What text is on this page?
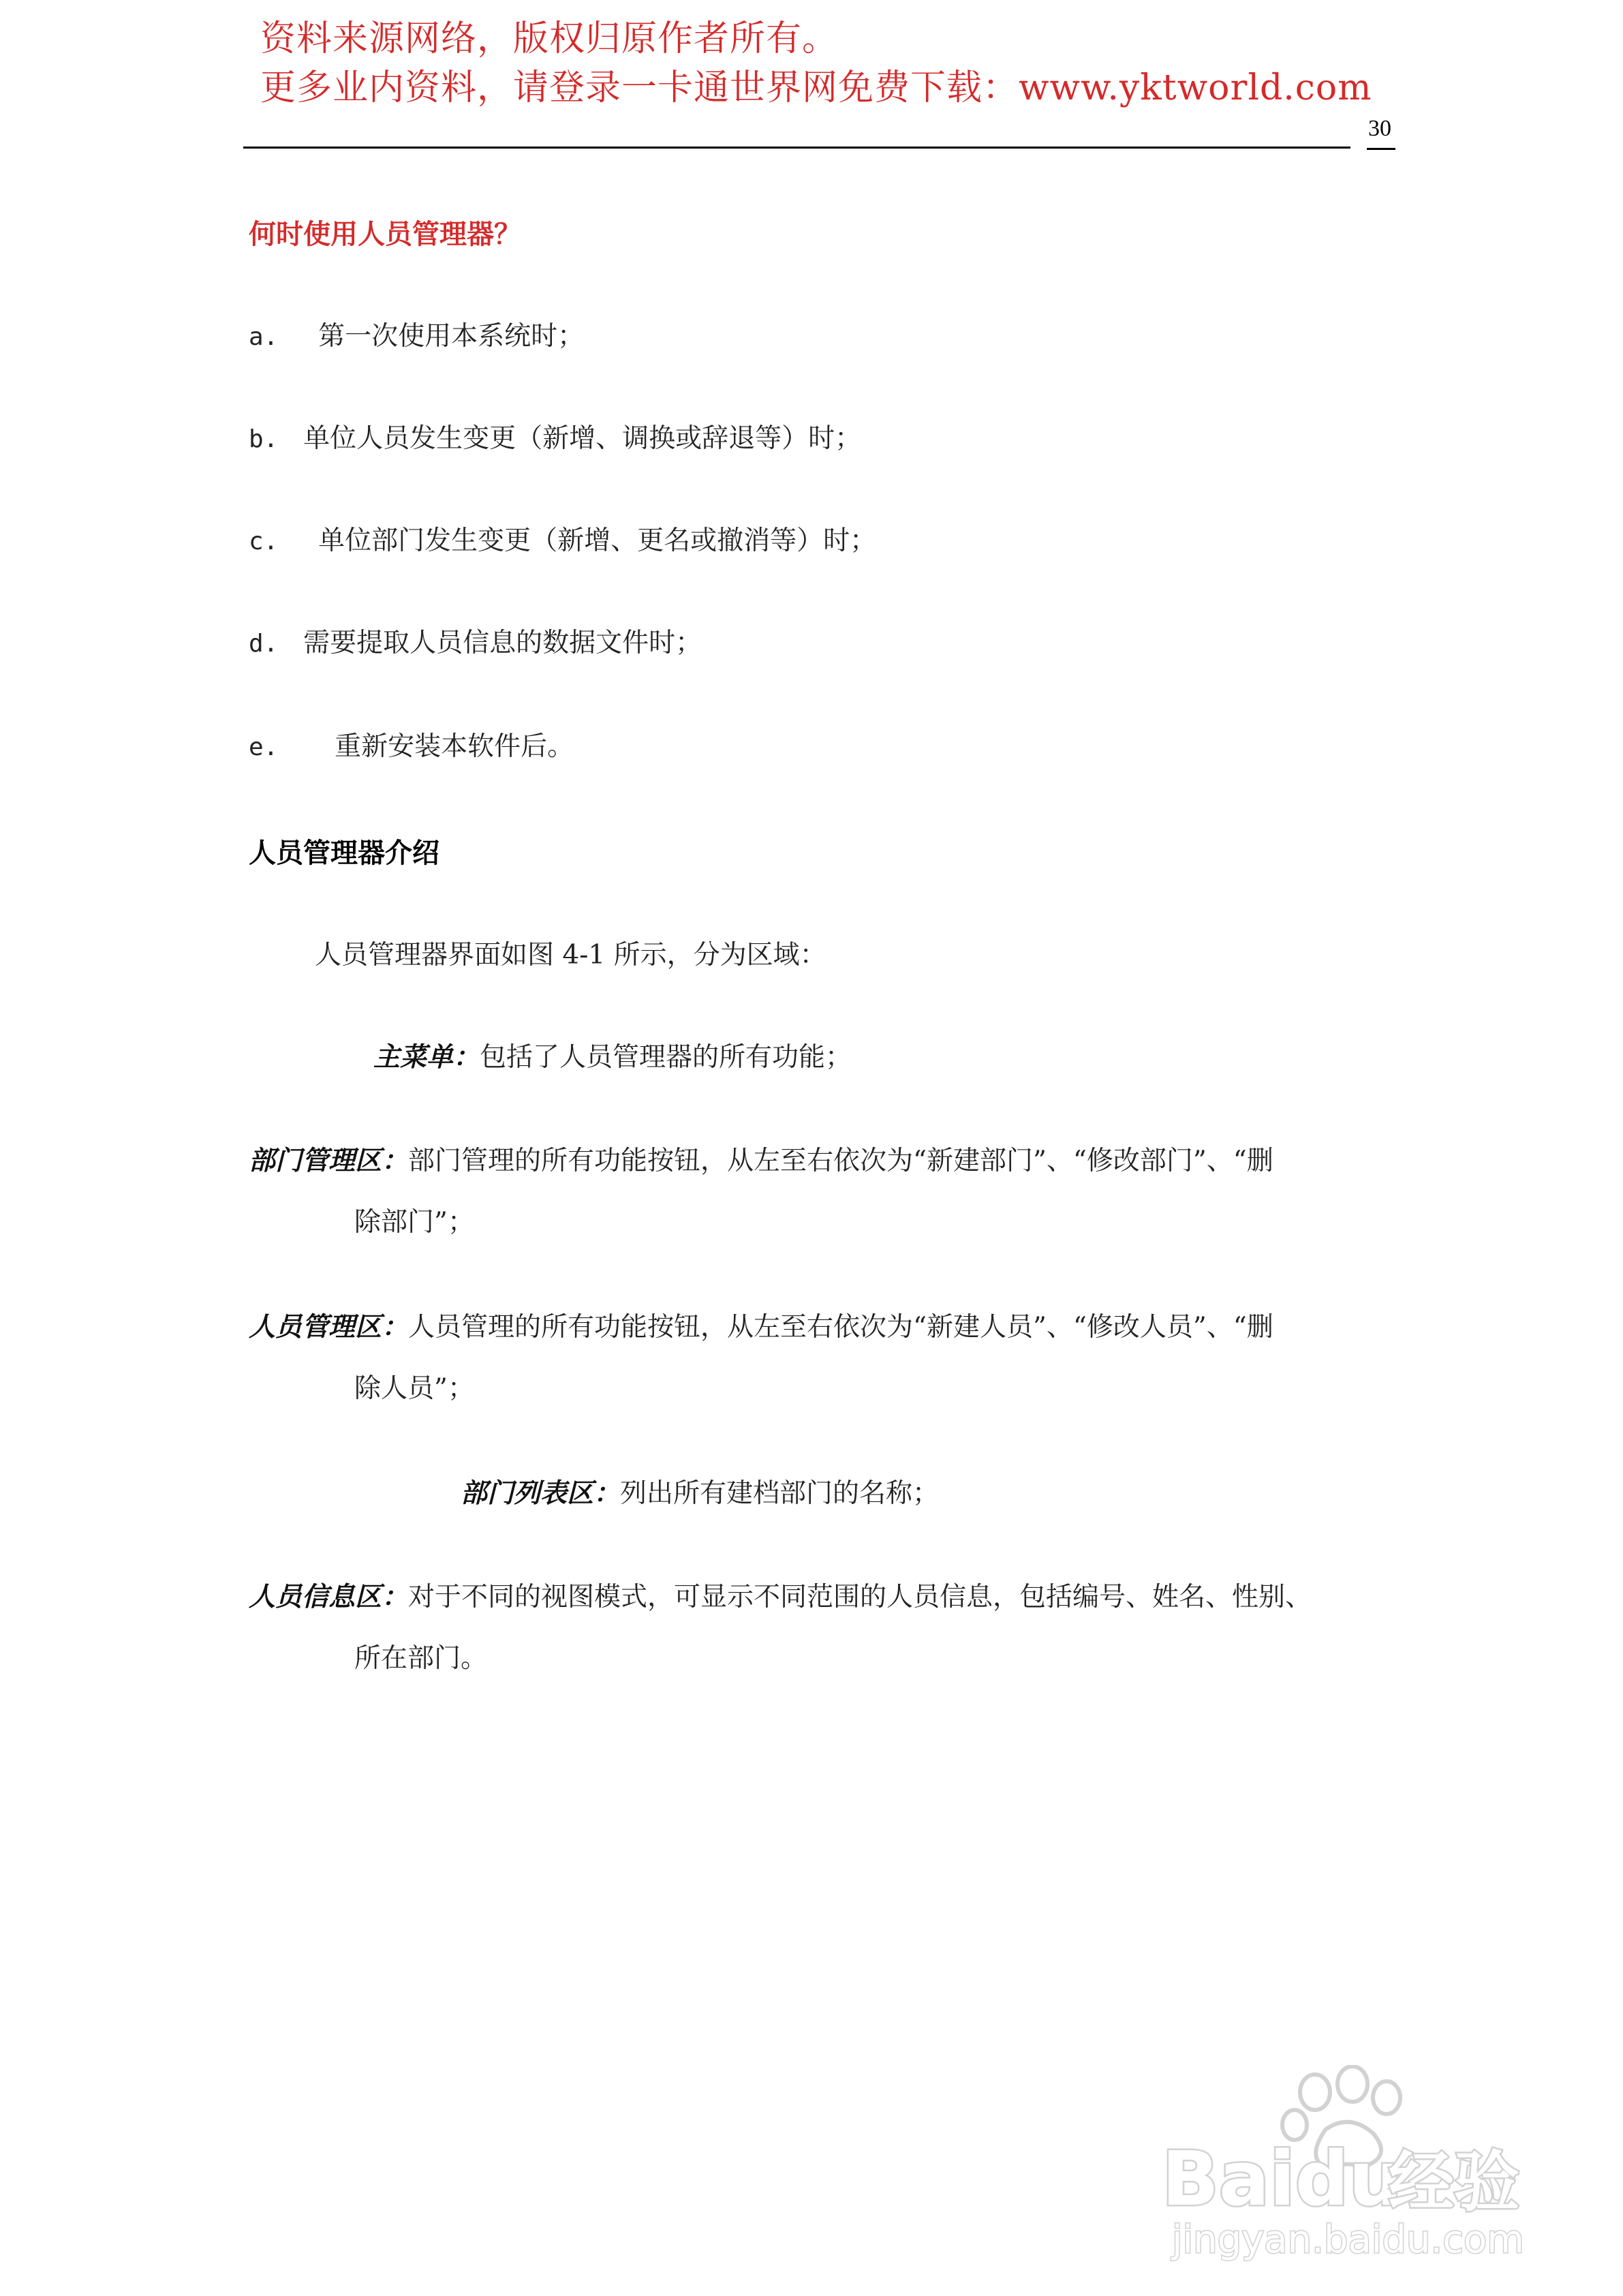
资料来源网络，版权归原作者所有。
更多业内资料，请登录一卡通世界网免费下载：www.yktworld.com
30
何时使用人员管理器？
a. 第一次使用本系统时；
b. 单位人员发生变更（新增、调换或辞退等）时；
c. 单位部门发生变更（新增、更名或撤消等）时；
d. 需要提取人员信息的数据文件时；
e. 重新安装本软件后。
人员管理器介绍
人员管理器界面如图 4-1 所示，分为区域：
主菜单：包括了人员管理器的所有功能；
部门管理区：部门管理的所有功能按钮，从左至右依次为“新建部门”、“修改部门”、“删
除部门”；
人员管理区：人员管理的所有功能按钮，从左至右依次为“新建人员”、“修改人员”、“删
除人员”；
部门列表区：列出所有建档部门的名称；
人员信息区：对于不同的视图模式，可显示不同范围的人员信息，包括编号、姓名、性别、
所在部门。
Baidu
经验
jingyan.baidu.com
